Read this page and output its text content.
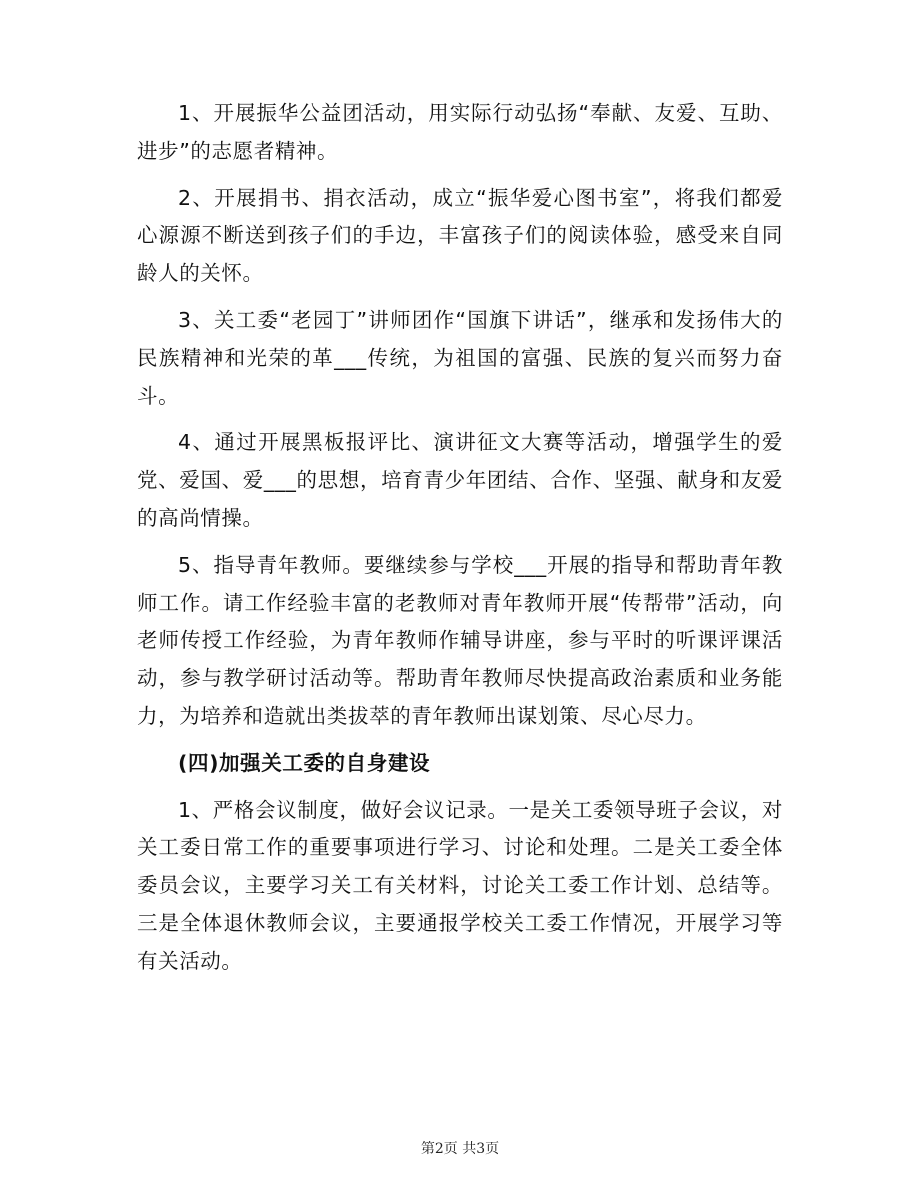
1、开展振华公益团活动，用实际行动弘扬“奉献、友爱、互助、进步”的志愿者精神。

2、开展捐书、捐衣活动，成立“振华爱心图书室”，将我们都爱心源源不断送到孩子们的手边，丰富孩子们的阅读体验，感受来自同龄人的关怀。

3、关工委“老园丁”讲师团作“国旗下讲话”，继承和发扬伟大的民族精神和光荣的革___传统，为祖国的富强、民族的复兴而努力奋斗。

4、通过开展黑板报评比、演讲征文大赛等活动，增强学生的爱党、爱国、爱___的思想，培育青少年团结、合作、坚强、献身和友爱的高尚情操。

5、指导青年教师。要继续参与学校___开展的指导和帮助青年教师工作。请工作经验丰富的老教师对青年教师开展“传帮带”活动，向老师传授工作经验，为青年教师作辅导讲座，参与平时的听课评课活动，参与教学研讨活动等。帮助青年教师尽快提高政治素质和业务能力，为培养和造就出类拔萃的青年教师出谋划策、尽心尽力。

(四)加强关工委的自身建设

1、严格会议制度，做好会议记录。一是关工委领导班子会议，对关工委日常工作的重要事项进行学习、讨论和处理。二是关工委全体委员会议，主要学习关工有关材料，讨论关工委工作计划、总结等。三是全体退休教师会议，主要通报学校关工委工作情况，开展学习等有关活动。

第2页 共3页
